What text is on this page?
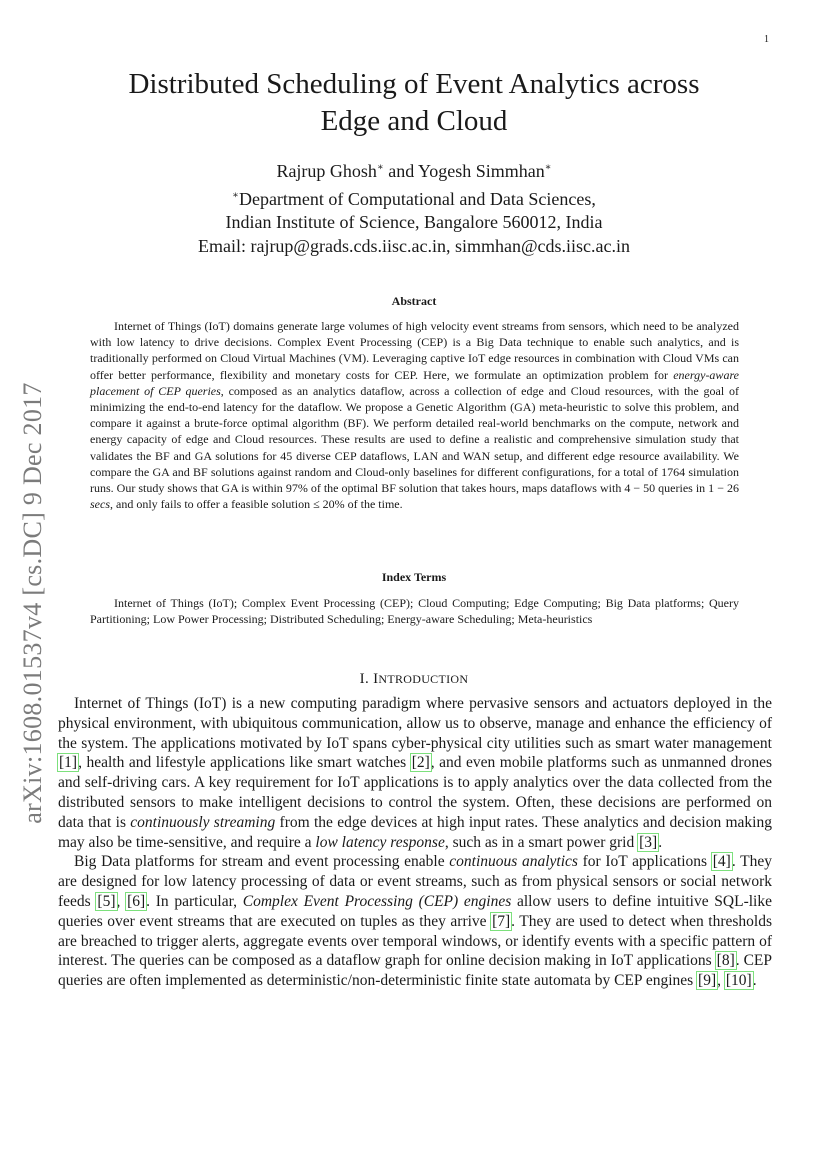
1
arXiv:1608.01537v4 [cs.DC] 9 Dec 2017
Distributed Scheduling of Event Analytics across
Edge and Cloud
Rajrup Ghosh∗ and Yogesh Simmhan∗
∗Department of Computational and Data Sciences,
Indian Institute of Science, Bangalore 560012, India
Email: rajrup@grads.cds.iisc.ac.in, simmhan@cds.iisc.ac.in
Abstract

Internet of Things (IoT) domains generate large volumes of high velocity event streams from sensors, which need to be analyzed with low latency to drive decisions. Complex Event Processing (CEP) is a Big Data technique to enable such analytics, and is traditionally performed on Cloud Virtual Machines (VM). Leveraging captive IoT edge resources in combination with Cloud VMs can offer better performance, flexibility and monetary costs for CEP. Here, we formulate an optimization problem for energy-aware placement of CEP queries, composed as an analytics dataflow, across a collection of edge and Cloud resources, with the goal of minimizing the end-to-end latency for the dataflow. We propose a Genetic Algorithm (GA) meta-heuristic to solve this problem, and compare it against a brute-force optimal algorithm (BF). We perform detailed real-world benchmarks on the compute, network and energy capacity of edge and Cloud resources. These results are used to define a realistic and comprehensive simulation study that validates the BF and GA solutions for 45 diverse CEP dataflows, LAN and WAN setup, and different edge resource availability. We compare the GA and BF solutions against random and Cloud-only baselines for different configurations, for a total of 1764 simulation runs. Our study shows that GA is within 97% of the optimal BF solution that takes hours, maps dataflows with 4 − 50 queries in 1 − 26 secs, and only fails to offer a feasible solution ≤ 20% of the time.

Index Terms

Internet of Things (IoT); Complex Event Processing (CEP); Cloud Computing; Edge Computing; Big Data platforms; Query Partitioning; Low Power Processing; Distributed Scheduling; Energy-aware Scheduling; Meta-heuristics

I. INTRODUCTION

Internet of Things (IoT) is a new computing paradigm where pervasive sensors and actuators deployed in the physical environment, with ubiquitous communication, allow us to observe, manage and enhance the efficiency of the system. The applications motivated by IoT spans cyber-physical city utilities such as smart water management [1], health and lifestyle applications like smart watches [2], and even mobile platforms such as unmanned drones and self-driving cars. A key requirement for IoT applications is to apply analytics over the data collected from the distributed sensors to make intelligent decisions to control the system. Often, these decisions are performed on data that is continuously streaming from the edge devices at high input rates. These analytics and decision making may also be time-sensitive, and require a low latency response, such as in a smart power grid [3].

Big Data platforms for stream and event processing enable continuous analytics for IoT applications [4]. They are designed for low latency processing of data or event streams, such as from physical sensors or social network feeds [5], [6]. In particular, Complex Event Processing (CEP) engines allow users to define intuitive SQL-like queries over event streams that are executed on tuples as they arrive [7]. They are used to detect when thresholds are breached to trigger alerts, aggregate events over temporal windows, or identify events with a specific pattern of interest. The queries can be composed as a dataflow graph for online decision making in IoT applications [8]. CEP queries are often implemented as deterministic/non-deterministic finite state automata by CEP engines [9], [10].
